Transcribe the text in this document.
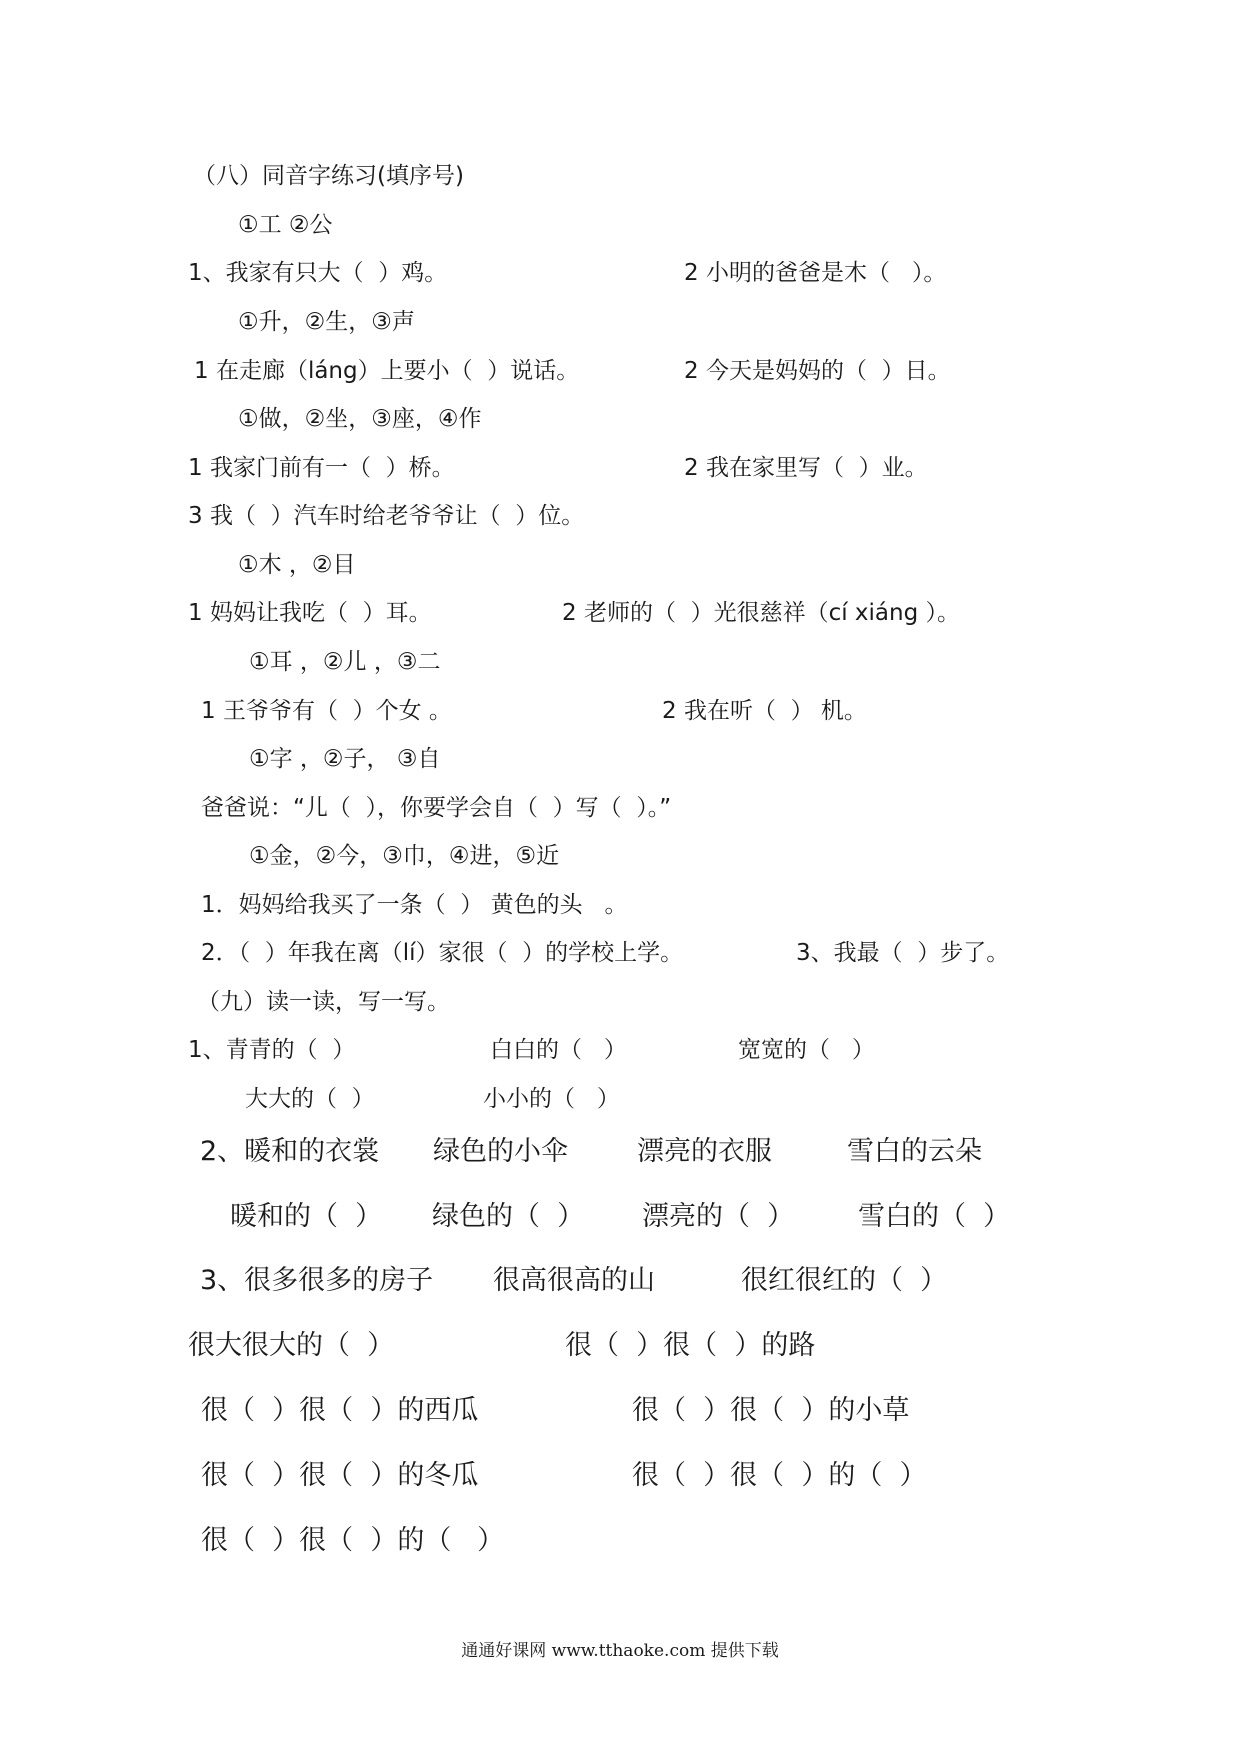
（八）同音字练习(填序号)
①工 ②公
1、我家有只大（  ）鸡。	2 小明的爸爸是木（   ）。
①升，②生，③声
1 在走廊（láng）上要小（  ）说话。	2 今天是妈妈的（  ）日。
①做，②坐，③座，④作
1 我家门前有一（  ）桥。	2 我在家里写（  ）业。
3 我（  ）汽车时给老爷爷让（  ）位。
①木 ，②目
1 妈妈让我吃（  ）耳。	2 老师的（  ）光很慈祥（cí xiáng ）。
①耳 ，②儿 ，③二
1 王爷爷有（  ）个女 。	2 我在听（  ） 机。
①字 ，②子， ③自
爸爸说：“儿（  ），你要学会自（  ）写（  ）。”
①金，②今，③巾，④进，⑤近
1．妈妈给我买了一条（  ） 黄色的头   。
2．（  ）年我在离（lí）家很（  ）的学校上学。	3、我最（  ）步了。
（九）读一读，写一写。
1、青青的（  ）	白白的（   ）	宽宽的（   ）
大大的（  ）	小小的（   ）
2、暖和的衣裳 绿色的小伞	漂亮的衣服	雪白的云朵
暖和的（  ） 绿色的（  ） 漂亮的（  ） 雪白的（  ）
3、很多很多的房子 很高很高的山	很红很红的（  ）
很大很大的（  ）	很（  ）很（  ）的路
很（  ）很（  ）的西瓜	很（  ）很（  ）的小草
很（  ）很（  ）的冬瓜	很（  ）很（  ）的（  ）
很（  ）很（  ）的（   ）
通通好课网 www.tthaoke.com 提供下载
